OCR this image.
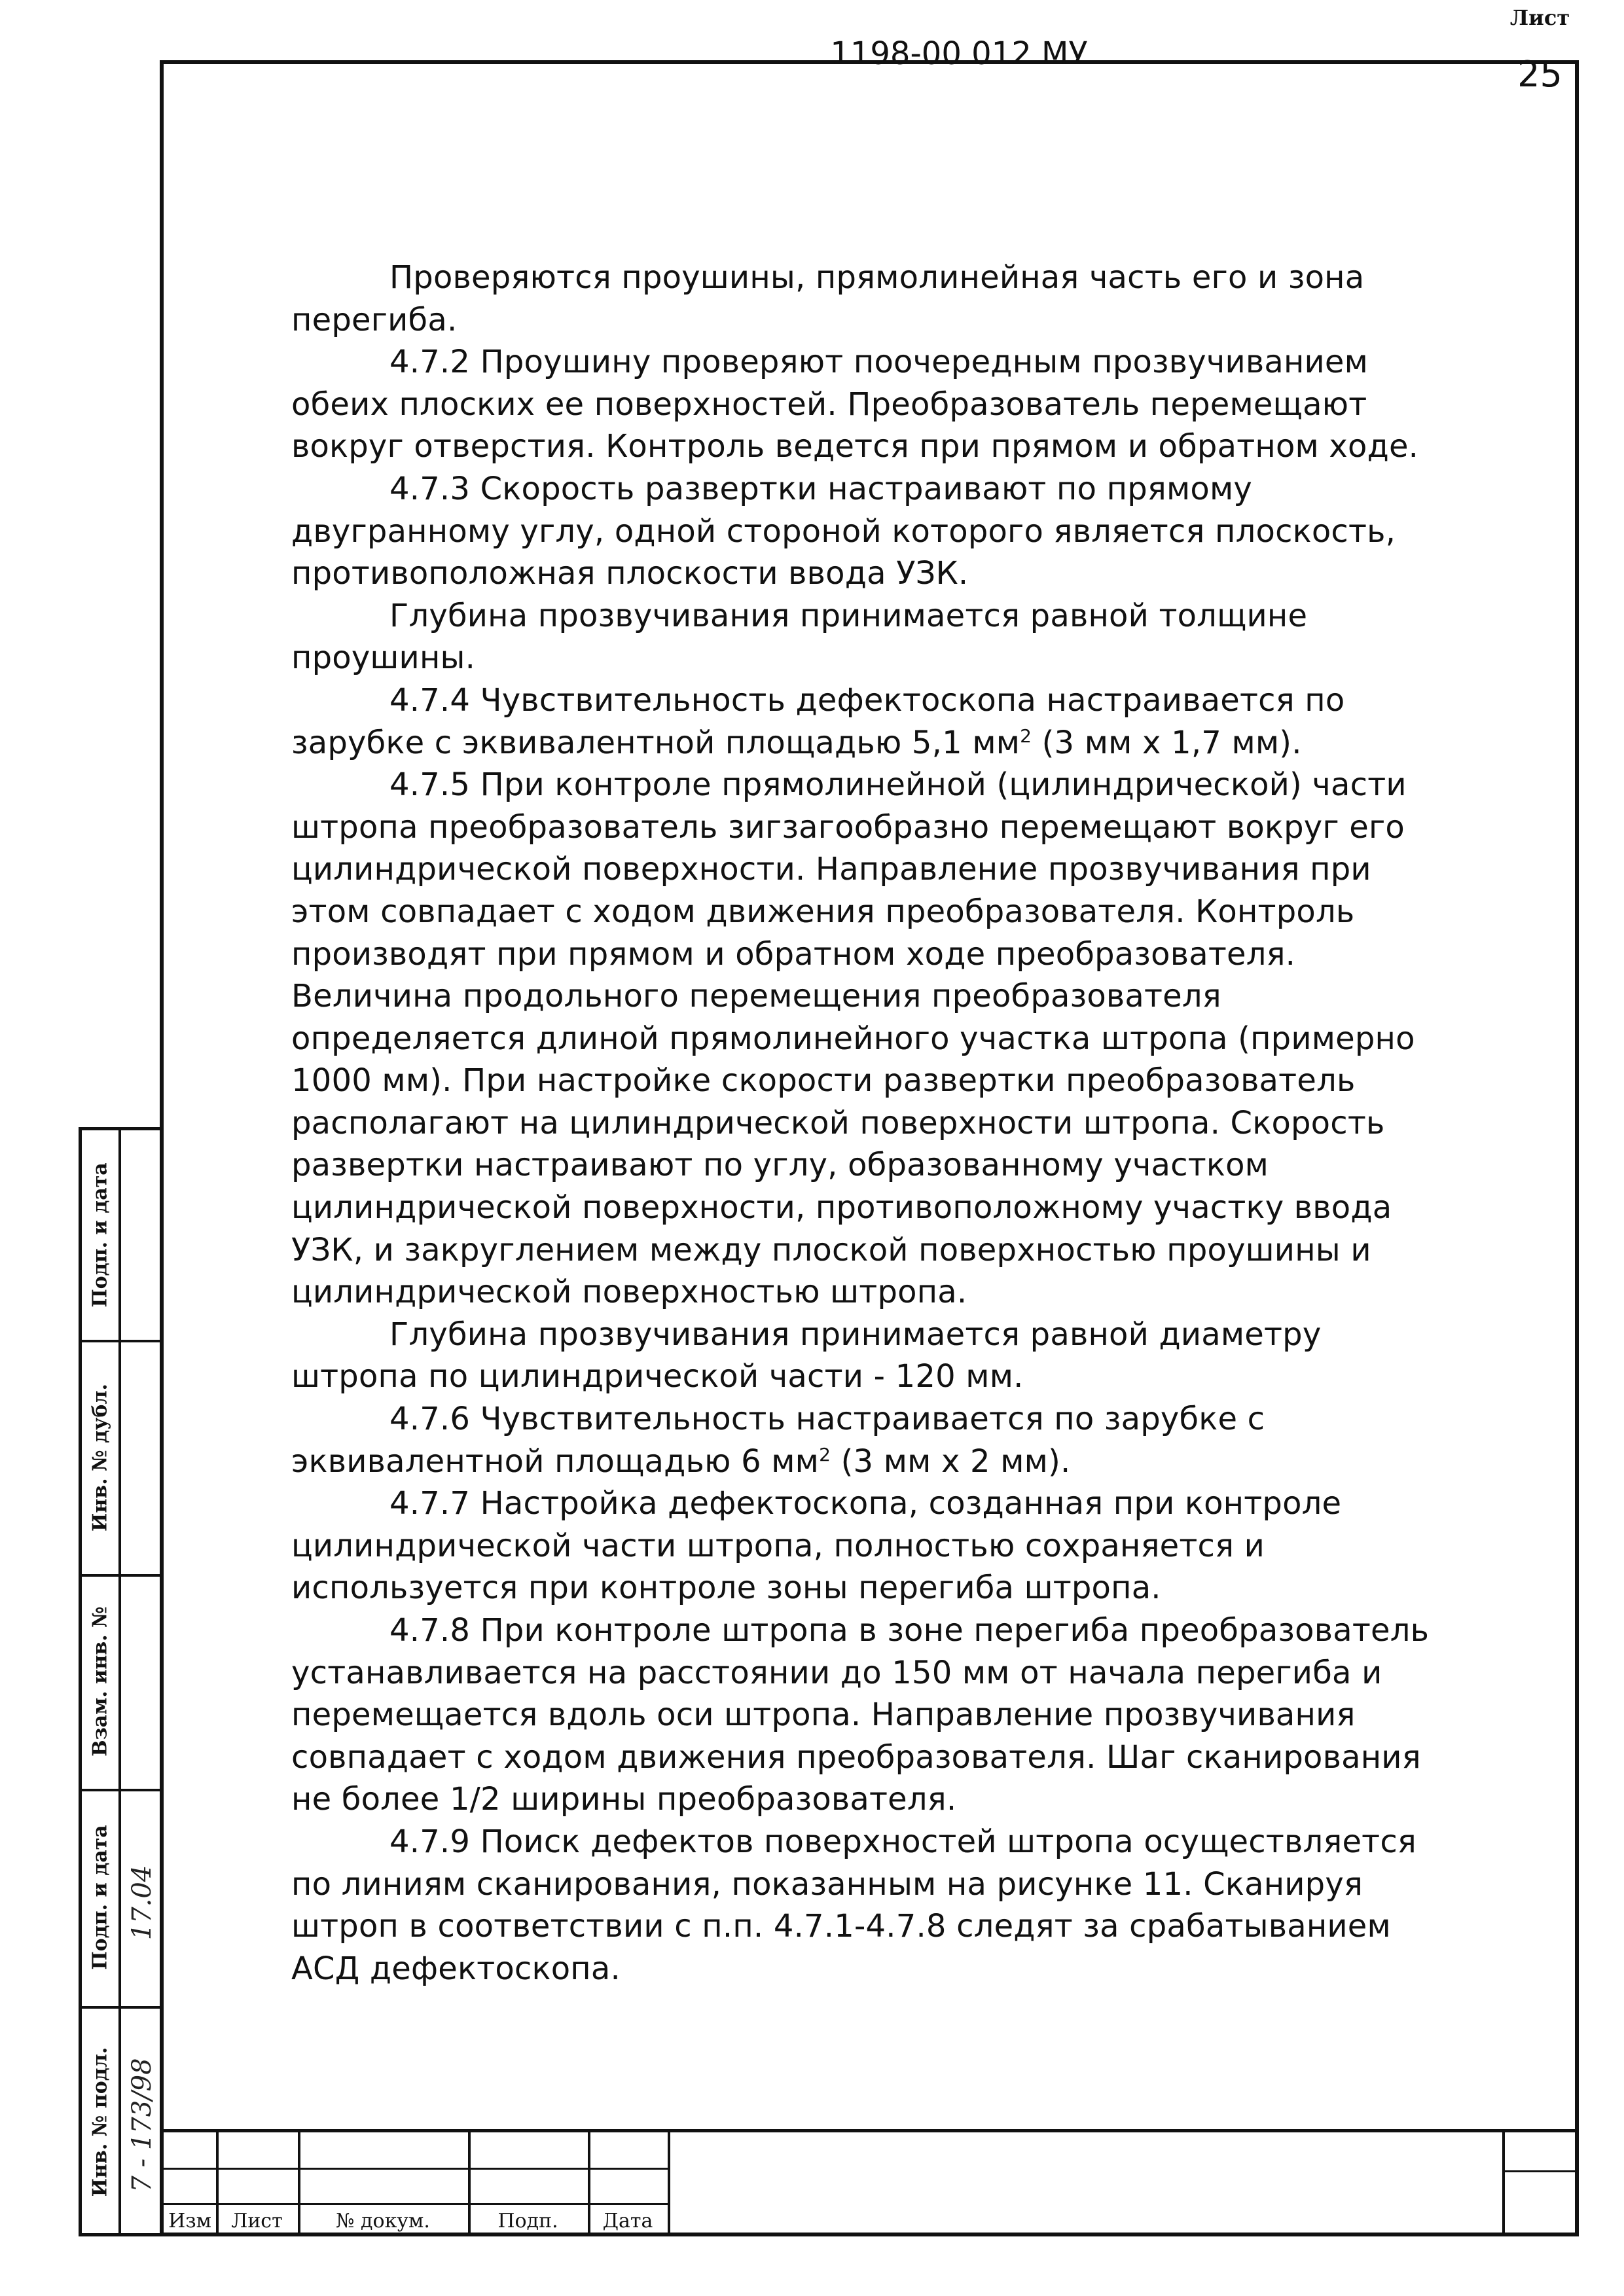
Подп. и дата
Инв. № дубл.
Взам. инв. №
Подп. и дата
Инв. № подл.
17.04
7 - 173/98

Проверяются проушины, прямолинейная часть его и зона перегиба.

4.7.2 Проушину проверяют поочередным прозвучиванием обеих плоских ее поверхностей. Преобразователь перемещают вокруг отверстия. Контроль ведется при прямом и обратном ходе.

4.7.3 Скорость развертки настраивают по прямому двугранному углу, одной стороной которого является плоскость, противоположная плоскости ввода УЗК.

Глубина прозвучивания принимается равной толщине проушины.

4.7.4 Чувствительность дефектоскопа настраивается по зарубке с эквивалентной площадью 5,1 $мм^2$ (3 мм x 1,7 мм).

4.7.5 При контроле прямолинейной (цилиндрической) части штропа преобразователь зигзагообразно перемещают вокруг его цилиндрической поверхности. Направление прозвучивания при этом совпадает с ходом движения преобразователя. Контроль производят при прямом и обратном ходе преобразователя. Величина продольного перемещения преобразователя определяется длиной прямолинейного участка штропа (примерно 1000 мм). При настройке скорости развертки преобразователь располагают на цилиндрической поверхности штропа. Скорость развертки настраивают по углу, образованному участком цилиндрической поверхности, противоположному участку ввода УЗК, и закруглением между плоской поверхностью проушины и цилиндрической поверхностью штропа.

Глубина прозвучивания принимается равной диаметру штропа по цилиндрической части - 120 мм.

4.7.6 Чувствительность настраивается по зарубке с эквивалентной площадью 6 $мм^2$ (3 мм x 2 мм).

4.7.7 Настройка дефектоскопа, созданная при контроле цилиндрической части штропа, полностью сохраняется и используется при контроле зоны перегиба штропа.

4.7.8 При контроле штропа в зоне перегиба преобразователь устанавливается на расстоянии до 150 мм от начала перегиба и перемещается вдоль оси штропа. Направление прозвучивания совпадает с ходом движения преобразователя. Шаг сканирования не более 1/2 ширины преобразователя.

4.7.9 Поиск дефектов поверхностей штропа осуществляется по линиям сканирования, показанным на рисунке 11. Сканируя штроп в соответствии с п.п. 4.7.1-4.7.8 следят за срабатыванием АСД дефектоскопа.

Изм	Лист	№ докум.	Подп.	Дата
1198-00.012 МУ
Лист
25
